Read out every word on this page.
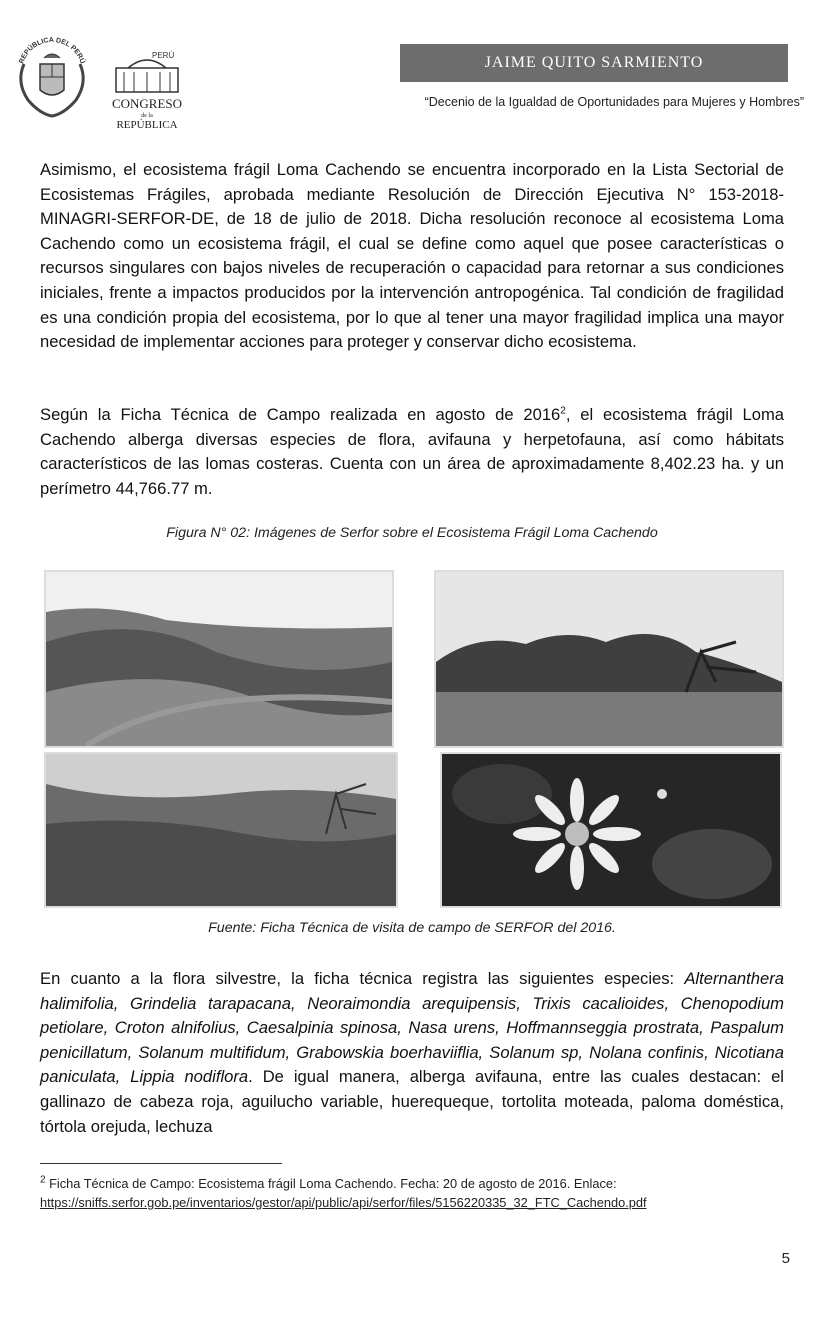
REPÚBLICA DEL PERÚ
PERÚ
CONGRESO
de la
REPÚBLICA
JAIME QUITO SARMIENTO
“Decenio de la Igualdad de Oportunidades para Mujeres y Hombres”
Asimismo, el ecosistema frágil Loma Cachendo se encuentra incorporado en la Lista Sectorial de Ecosistemas Frágiles, aprobada mediante Resolución de Dirección Ejecutiva N° 153-2018-MINAGRI-SERFOR-DE, de 18 de julio de 2018. Dicha resolución reconoce al ecosistema Loma Cachendo como un ecosistema frágil, el cual se define como aquel que posee características o recursos singulares con bajos niveles de recuperación o capacidad para retornar a sus condiciones iniciales, frente a impactos producidos por la intervención antropogénica. Tal condición de fragilidad es una condición propia del ecosistema, por lo que al tener una mayor fragilidad implica una mayor necesidad de implementar acciones para proteger y conservar dicho ecosistema.
Según la Ficha Técnica de Campo realizada en agosto de 2016$^2$, el ecosistema frágil Loma Cachendo alberga diversas especies de flora, avifauna y herpetofauna, así como hábitats característicos de las lomas costeras. Cuenta con un área de aproximadamente 8,402.23 ha. y un perímetro 44,766.77 m.
Figura N° 02: Imágenes de Serfor sobre el Ecosistema Frágil Loma Cachendo
Fuente: Ficha Técnica de visita de campo de SERFOR del 2016.
En cuanto a la flora silvestre, la ficha técnica registra las siguientes especies: Alternanthera halimifolia, Grindelia tarapacana, Neoraimondia arequipensis, Trixis cacalioides, Chenopodium petiolare, Croton alnifolius, Caesalpinia spinosa, Nasa urens, Hoffmannseggia prostrata, Paspalum penicillatum, Solanum multifidum, Grabowskia boerhaviiflia, Solanum sp, Nolana confinis, Nicotiana paniculata, Lippia nodiflora. De igual manera, alberga avifauna, entre las cuales destacan: el gallinazo de cabeza roja, aguilucho variable, huerequeque, tortolita moteada, paloma doméstica, tórtola orejuda, lechuza
$^2$ Ficha Técnica de Campo: Ecosistema frágil Loma Cachendo. Fecha: 20 de agosto de 2016. Enlace:
https://sniffs.serfor.gob.pe/inventarios/gestor/api/public/api/serfor/files/5156220335_32_FTC_Cachendo.pdf
5
